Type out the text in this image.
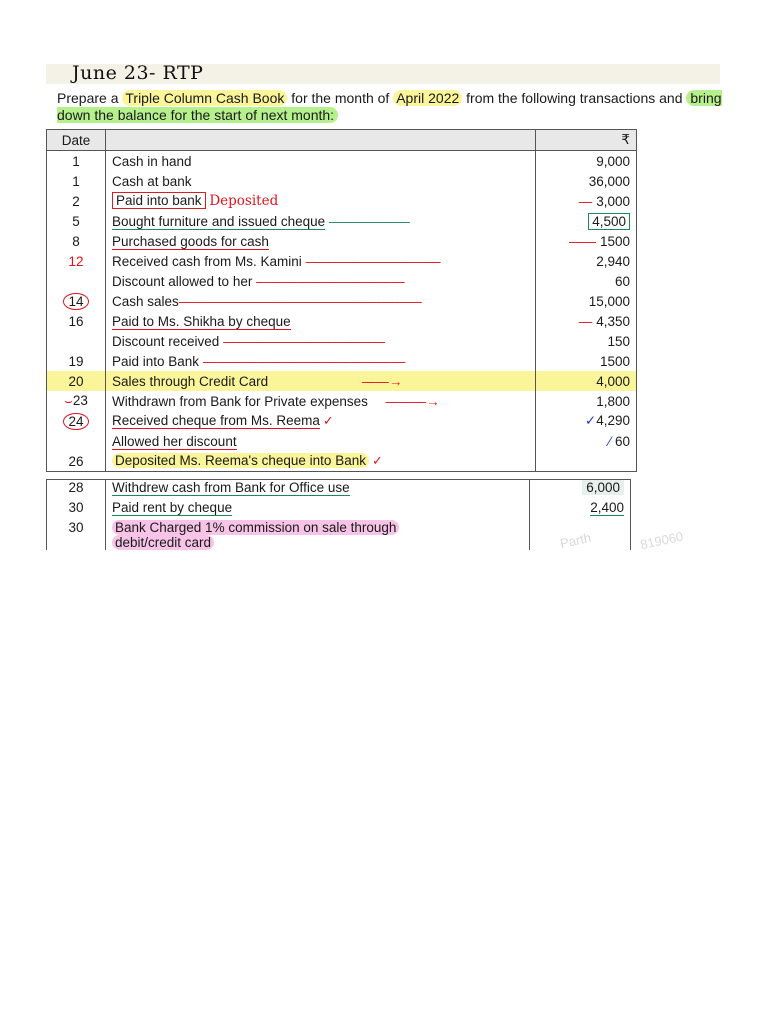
June 23- RTP
Prepare a Triple Column Cash Book for the month of April 2022 from the following transactions and bring down the balance for the start of next month:
Date		₹
1	Cash in hand	9,000
1	Cash at bank	36,000
2	Paid into bank Deposited	— 3,000
5	Bought furniture and issued cheque ——————	4,500
8	Purchased goods for cash	—— 1500
12	Received cash from Ms. Kamini ——————————	2,940
	Discount allowed to her ———————————	60
14	Cash sales——————————————————	15,000
16	Paid to Ms. Shikha by cheque	— 4,350
	Discount received ————————————	150
19	Paid into Bank ———————————————	1500
20	Sales through Credit Card ——→	4,000
⌣23	Withdrawn from Bank for Private expenses ———→	1,800
24	Received cheque from Ms. Reema ✓	✓4,290
	Allowed her discount	⁄ 60
26	Deposited Ms. Reema's cheque into Bank ✓	
28	Withdrew cash from Bank for Office use	6,000
30	Paid rent by cheque	2,400
30	Bank Charged 1% commission on sale through
debit/credit card		Parth	819060
